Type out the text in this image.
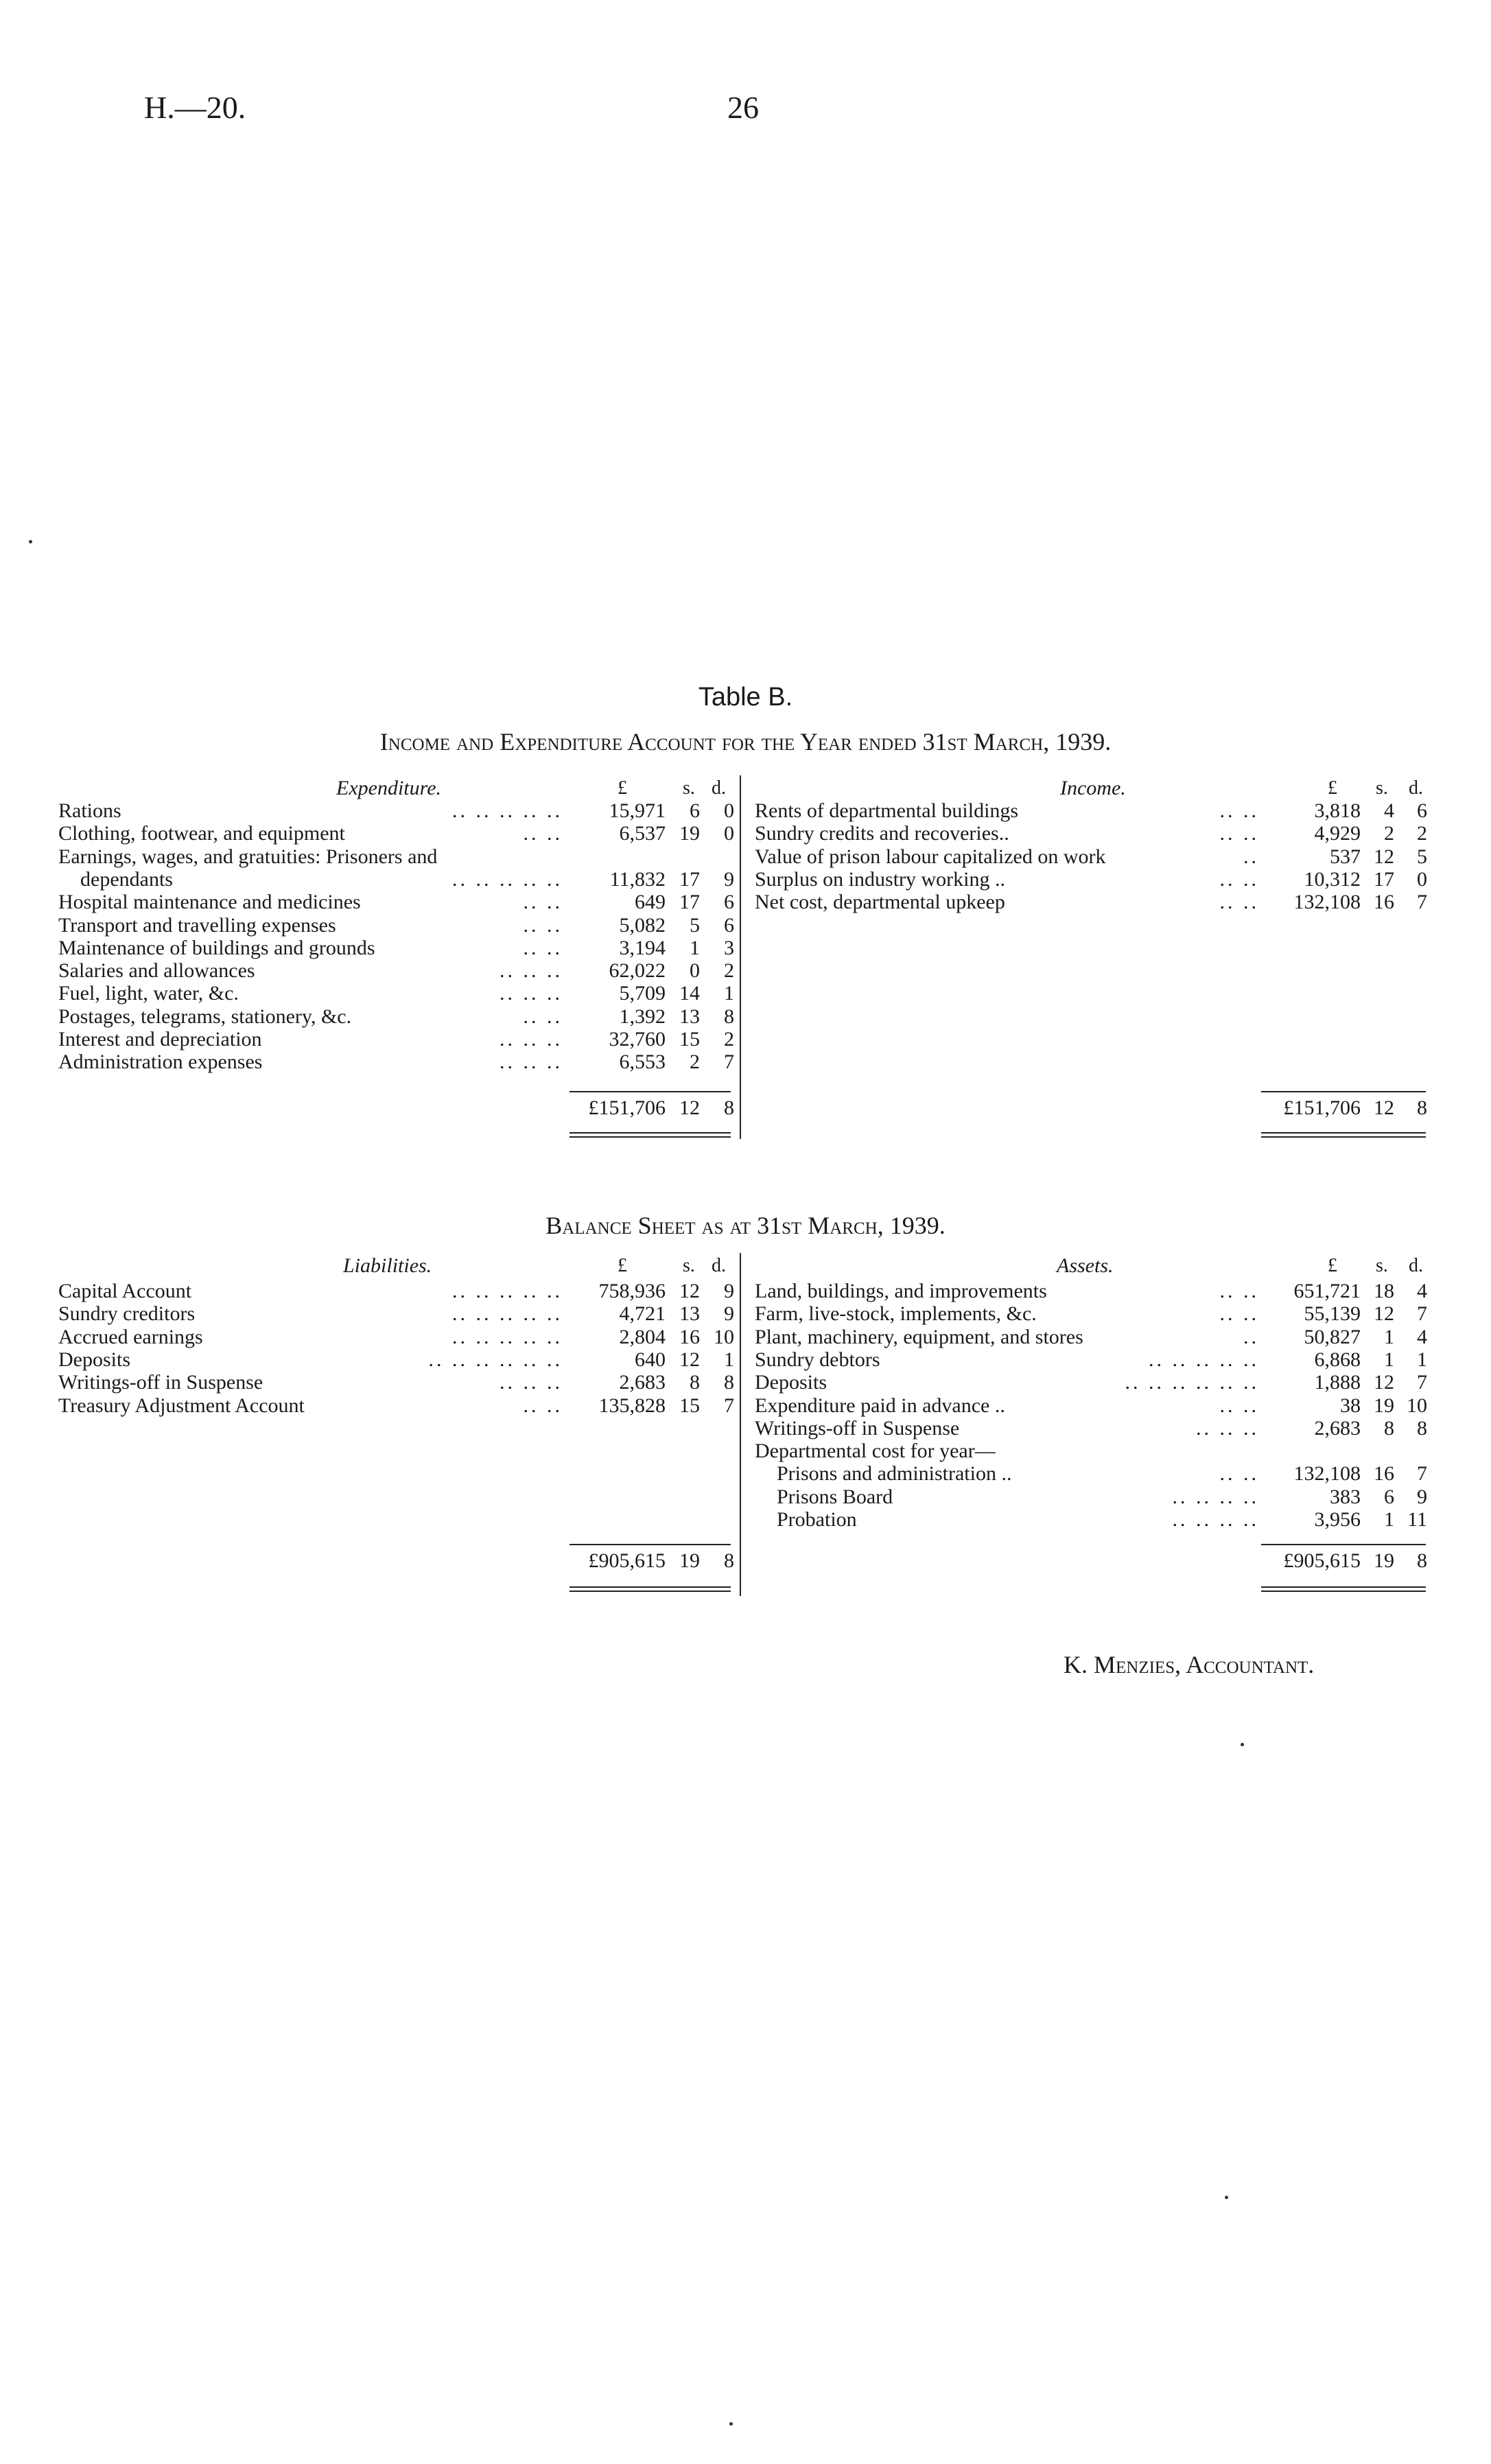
H.—20.	26
Table B.
Income and Expenditure Account for the Year ended 31st March, 1939.
Expenditure.	£	s. d.	Income.	£ s. d.
Rations	.. .. .. .. ..	15,971	6	0
Clothing, footwear, and equipment	.. ..	6,537 19	0
Earnings, wages, and gratuities: Prisoners and
dependants	.. .. .. .. ..	11,832 17	9
Hospital maintenance and medicines	.. ..	649 17	6
Transport and travelling expenses	.. ..	5,082	5	6
Maintenance of buildings and grounds	.. ..	3,194	1	3
Salaries and allowances	.. .. ..	62,022	0	2
Fuel, light, water, &c.	.. .. ..	5,709 14	1
Postages, telegrams, stationery, &c.	.. ..	1,392 13	8
Interest and depreciation	.. .. ..	32,760 15	2
Administration expenses	.. .. ..	6,553	2	7
Rents of departmental buildings	.. ..	3,818	4	6
Sundry credits and recoveries..	.. ..	4,929	2	2
Value of prison labour capitalized on work	..	537 12	5
Surplus on industry working ..	.. ..	10,312 17	0
Net cost, departmental upkeep	.. ..	132,108 16	7
£151,706 12	8	£151,706 12	8
Balance Sheet as at 31st March, 1939.
Liabilities.	£	s. d.	Assets.	£ s. d.
Capital Account	.. .. .. .. ..	758,936 12	9
Sundry creditors	.. .. .. .. ..	4,721 13	9
Accrued earnings	.. .. .. .. ..	2,804 16 10
Deposits	.. .. .. .. .. ..	640 12	1
Writings-off in Suspense	.. .. ..	2,683	8	8
Treasury Adjustment Account	.. ..	135,828 15	7
Land, buildings, and improvements	.. ..	651,721 18	4
Farm, live-stock, implements, &c.	.. ..	55,139 12	7
Plant, machinery, equipment, and stores	..	50,827	1	4
Sundry debtors	.. .. .. .. ..	6,868	1	1
Deposits	.. .. .. .. .. ..	1,888 12	7
Expenditure paid in advance ..	.. ..	38 19 10
Writings-off in Suspense	.. .. ..	2,683	8	8
Departmental cost for year—
Prisons and administration ..	.. ..	132,108 16	7
Prisons Board	.. .. .. ..	383	6	9
Probation	.. .. .. ..	3,956	1 11
£905,615 19	8	£905,615 19	8
K. Menzies, Accountant.
